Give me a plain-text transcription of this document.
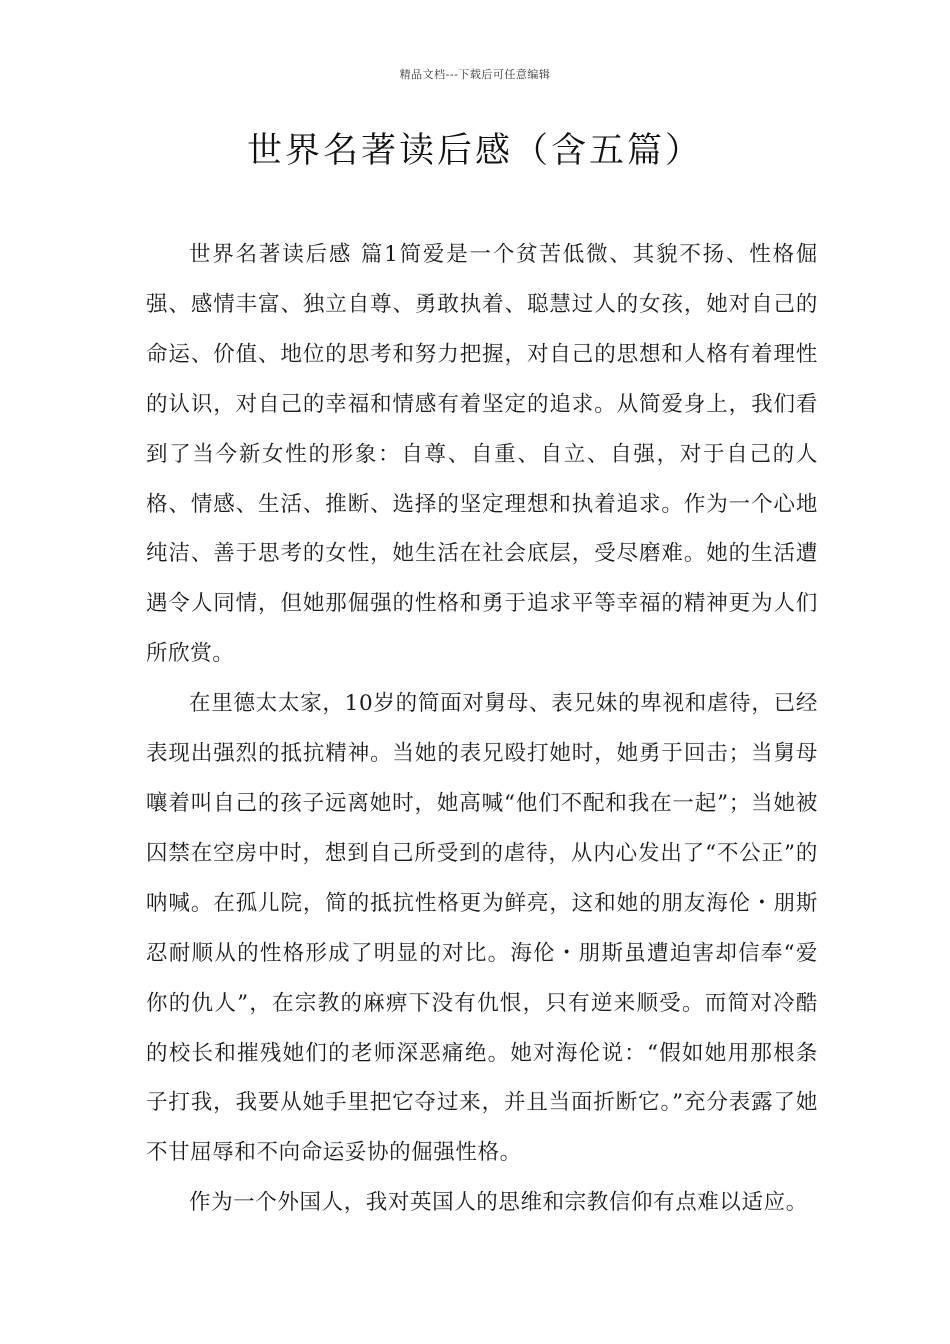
精品文档---下载后可任意编辑
世界名著读后感（含五篇）

世界名著读后感 篇1简爱是一个贫苦低微、其貌不扬、性格倔强、感情丰富、独立自尊、勇敢执着、聪慧过人的女孩，她对自己的命运、价值、地位的思考和努力把握，对自己的思想和人格有着理性的认识，对自己的幸福和情感有着坚定的追求。从简爱身上，我们看到了当今新女性的形象：自尊、自重、自立、自强，对于自己的人格、情感、生活、推断、选择的坚定理想和执着追求。作为一个心地纯洁、善于思考的女性，她生活在社会底层，受尽磨难。她的生活遭遇令人同情，但她那倔强的性格和勇于追求平等幸福的精神更为人们所欣赏。

在里德太太家，10岁的简面对舅母、表兄妹的卑视和虐待，已经表现出强烈的抵抗精神。当她的表兄殴打她时，她勇于回击；当舅母嚷着叫自己的孩子远离她时，她高喊“他们不配和我在一起”；当她被囚禁在空房中时，想到自己所受到的虐待，从内心发出了“不公正”的呐喊。在孤儿院，简的抵抗性格更为鲜亮，这和她的朋友海伦・朋斯忍耐顺从的性格形成了明显的对比。海伦・朋斯虽遭迫害却信奉“爱你的仇人”，在宗教的麻痹下没有仇恨，只有逆来顺受。而简对冷酷的校长和摧残她们的老师深恶痛绝。她对海伦说：“假如她用那根条子打我，我要从她手里把它夺过来，并且当面折断它。”充分表露了她不甘屈辱和不向命运妥协的倔强性格。

作为一个外国人，我对英国人的思维和宗教信仰有点难以适应。
